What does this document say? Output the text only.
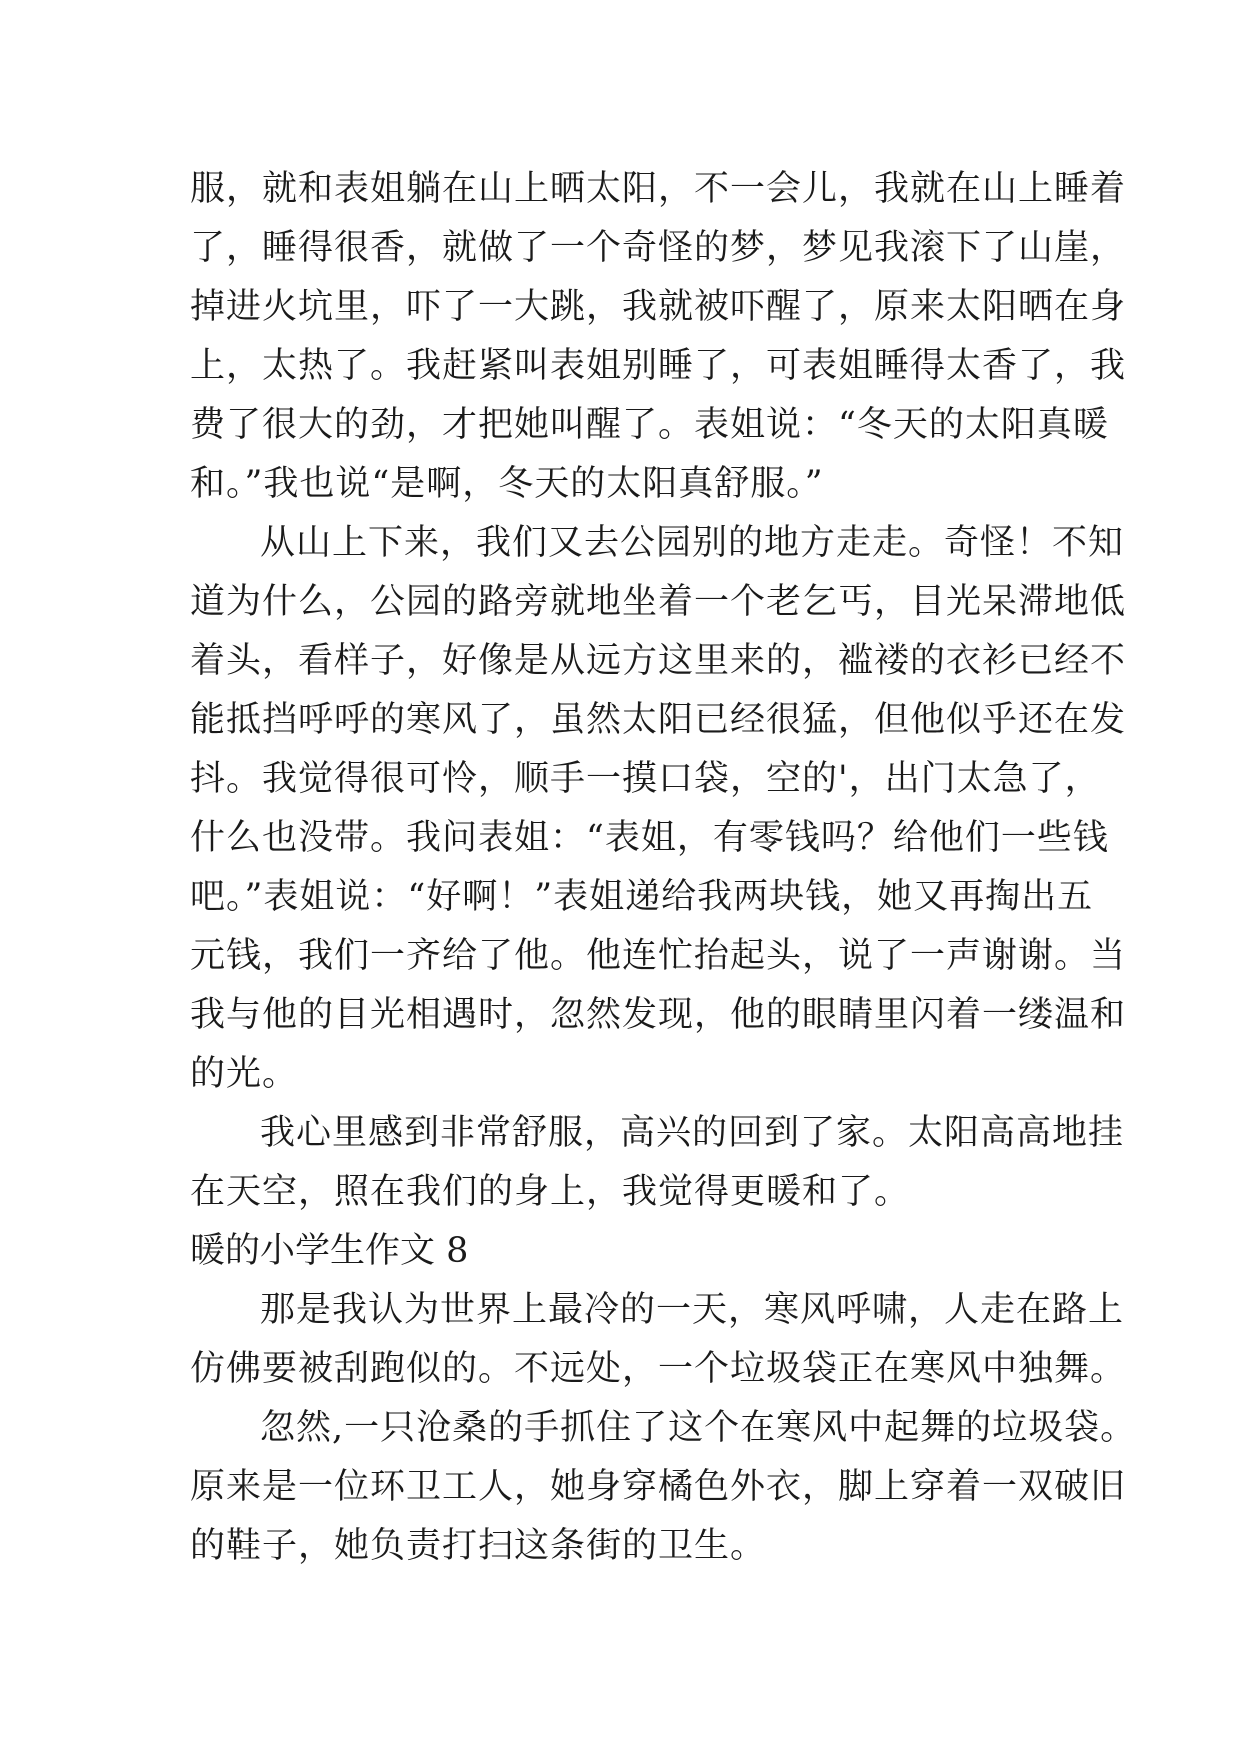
服，就和表姐躺在山上晒太阳，不一会儿，我就在山上睡着
了，睡得很香，就做了一个奇怪的梦，梦见我滚下了山崖，
掉进火坑里，吓了一大跳，我就被吓醒了，原来太阳晒在身
上，太热了。我赶紧叫表姐别睡了，可表姐睡得太香了，我
费了很大的劲，才把她叫醒了。表姐说：“冬天的太阳真暖
和。”我也说“是啊，冬天的太阳真舒服。”
从山上下来，我们又去公园别的地方走走。奇怪！不知
道为什么，公园的路旁就地坐着一个老乞丐，目光呆滞地低
着头，看样子，好像是从远方这里来的，褴褛的衣衫已经不
能抵挡呼呼的寒风了，虽然太阳已经很猛，但他似乎还在发
抖。我觉得很可怜，顺手一摸口袋，空的'，出门太急了，
什么也没带。我问表姐：“表姐，有零钱吗？给他们一些钱
吧。”表姐说：“好啊！”表姐递给我两块钱，她又再掏出五
元钱，我们一齐给了他。他连忙抬起头，说了一声谢谢。当
我与他的目光相遇时，忽然发现，他的眼睛里闪着一缕温和
的光。
我心里感到非常舒服，高兴的回到了家。太阳高高地挂
在天空，照在我们的身上，我觉得更暖和了。
暖的小学生作文 8
那是我认为世界上最冷的一天，寒风呼啸，人走在路上
仿佛要被刮跑似的。不远处，一个垃圾袋正在寒风中独舞。
忽然,一只沧桑的手抓住了这个在寒风中起舞的垃圾袋。
原来是一位环卫工人，她身穿橘色外衣，脚上穿着一双破旧
的鞋子，她负责打扫这条街的卫生。
